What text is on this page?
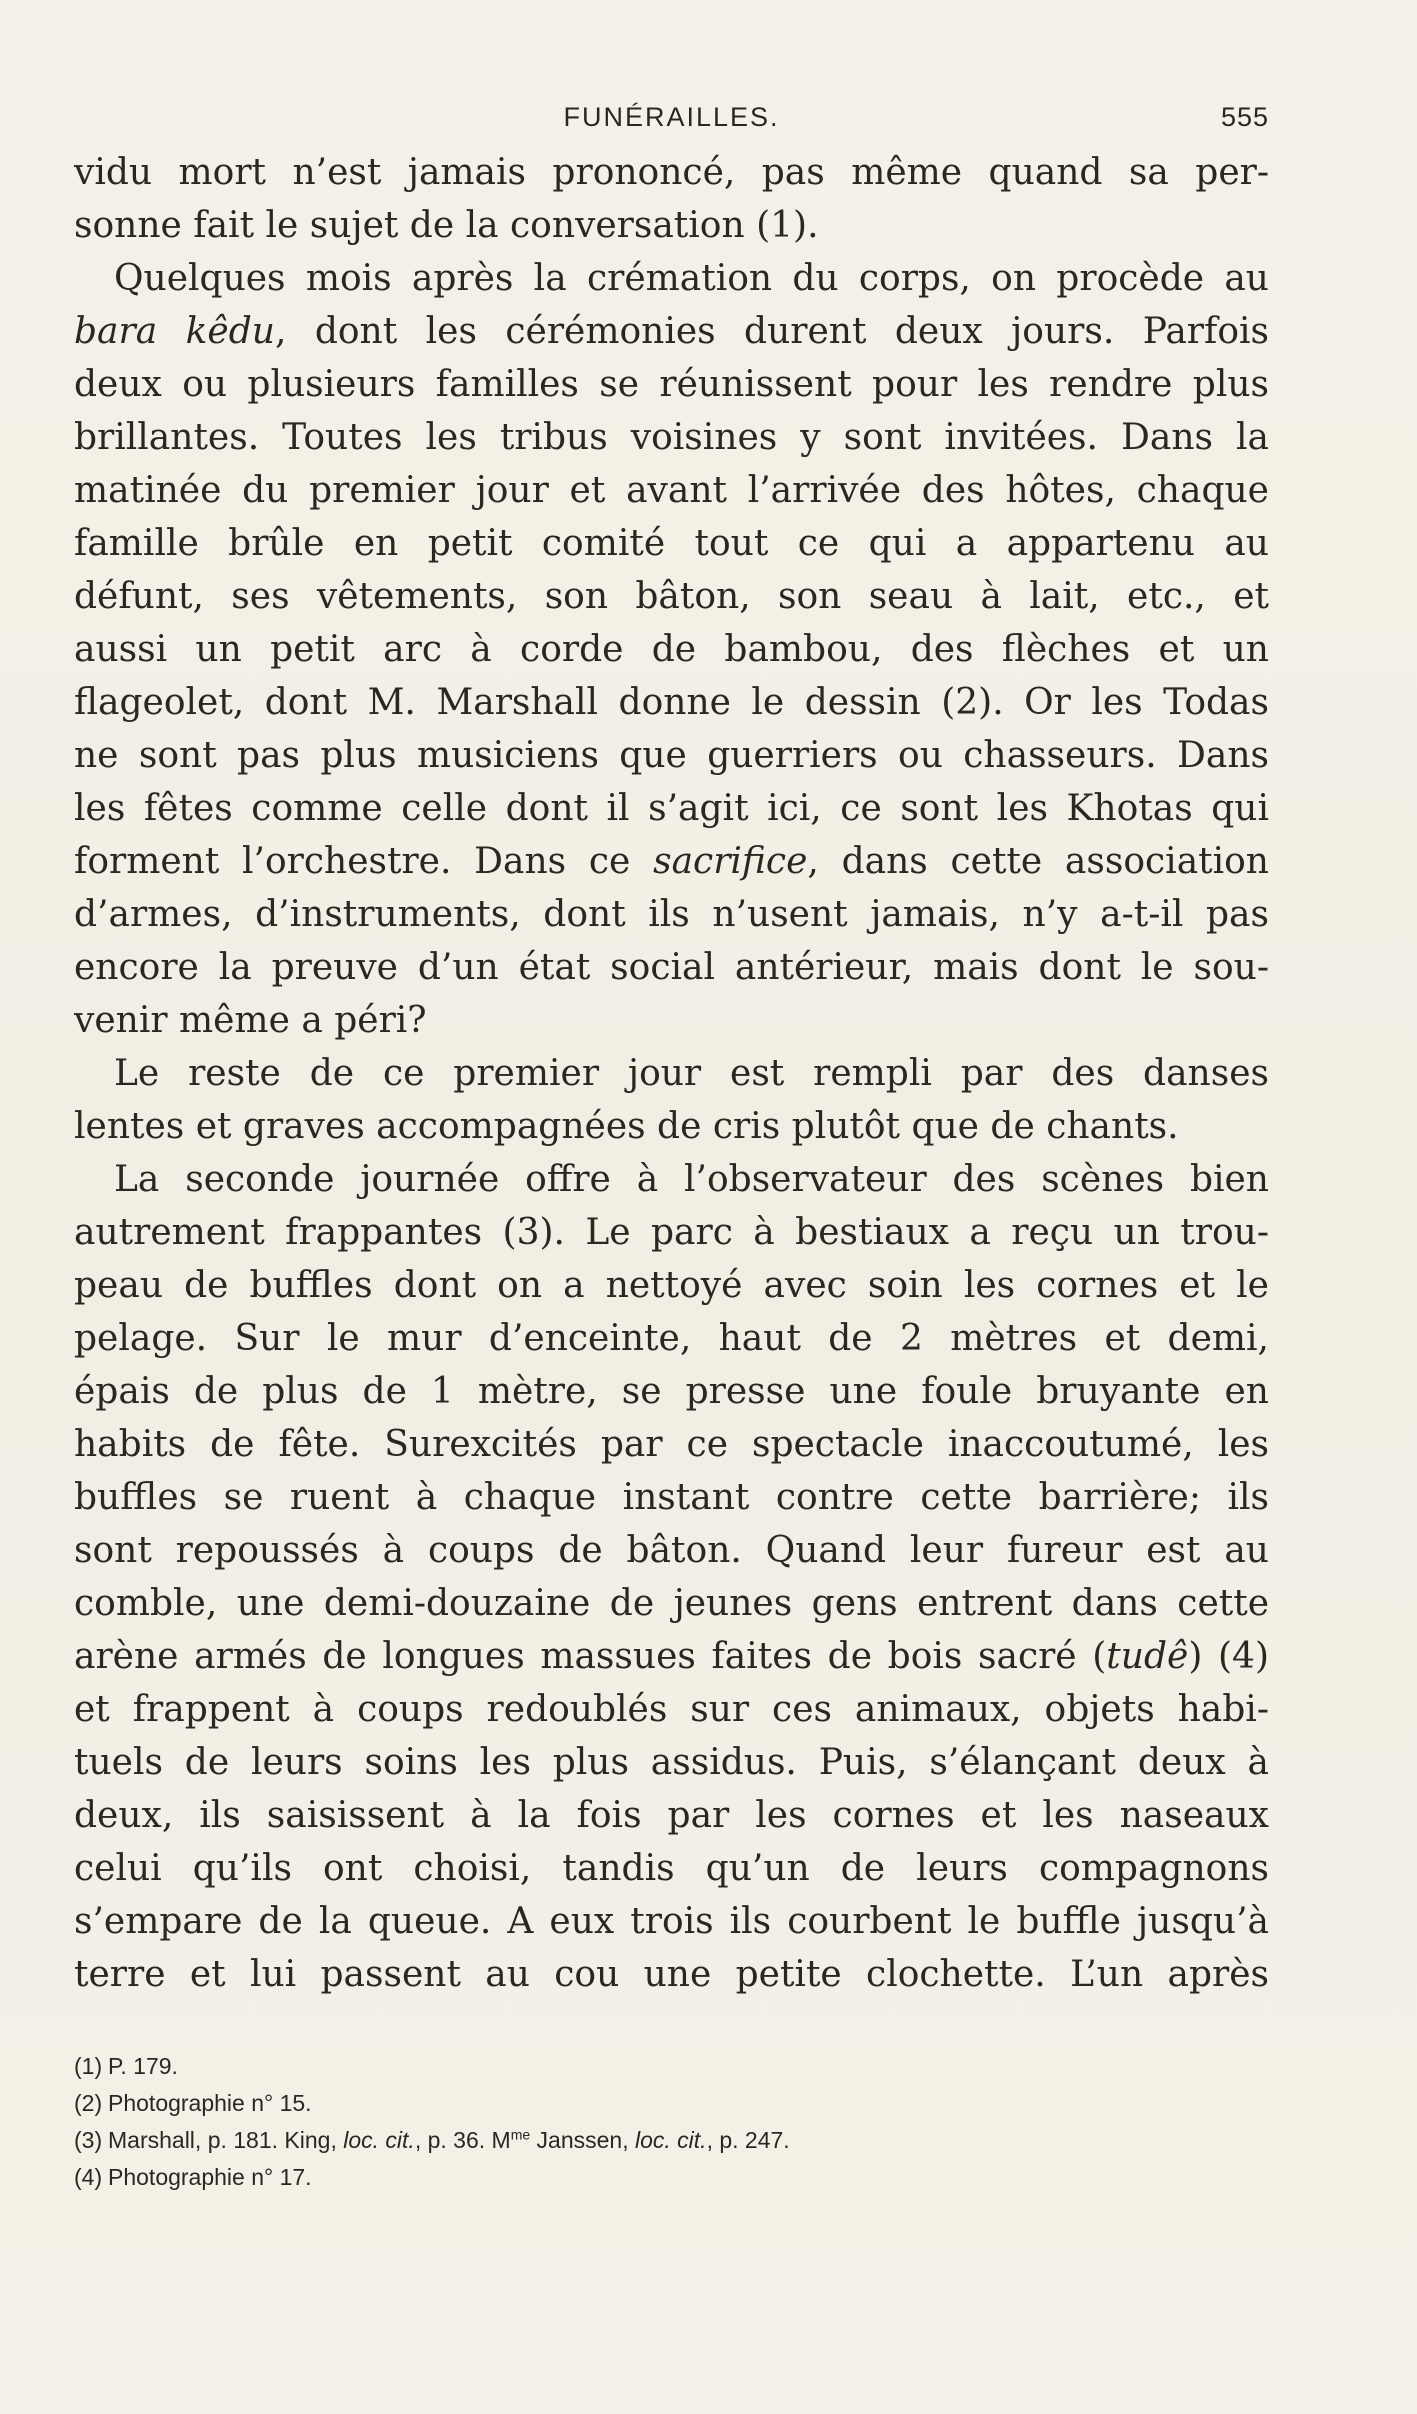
FUNÉRAILLES.	555
vidu mort n’est jamais prononcé, pas même quand sa per-
sonne fait le sujet de la conversation (1).
Quelques mois après la crémation du corps, on procède au
bara kêdu, dont les cérémonies durent deux jours. Parfois
deux ou plusieurs familles se réunissent pour les rendre plus
brillantes. Toutes les tribus voisines y sont invitées. Dans la
matinée du premier jour et avant l’arrivée des hôtes, chaque
famille brûle en petit comité tout ce qui a appartenu au
défunt, ses vêtements, son bâton, son seau à lait, etc., et
aussi un petit arc à corde de bambou, des flèches et un
flageolet, dont M. Marshall donne le dessin (2). Or les Todas
ne sont pas plus musiciens que guerriers ou chasseurs. Dans
les fêtes comme celle dont il s’agit ici, ce sont les Khotas qui
forment l’orchestre. Dans ce sacrifice, dans cette association
d’armes, d’instruments, dont ils n’usent jamais, n’y a-t-il pas
encore la preuve d’un état social antérieur, mais dont le sou-
venir même a péri?
Le reste de ce premier jour est rempli par des danses
lentes et graves accompagnées de cris plutôt que de chants.
La seconde journée offre à l’observateur des scènes bien
autrement frappantes (3). Le parc à bestiaux a reçu un trou-
peau de buffles dont on a nettoyé avec soin les cornes et le
pelage. Sur le mur d’enceinte, haut de 2 mètres et demi,
épais de plus de 1 mètre, se presse une foule bruyante en
habits de fête. Surexcités par ce spectacle inaccoutumé, les
buffles se ruent à chaque instant contre cette barrière; ils
sont repoussés à coups de bâton. Quand leur fureur est au
comble, une demi-douzaine de jeunes gens entrent dans cette
arène armés de longues massues faites de bois sacré (tudê) (4)
et frappent à coups redoublés sur ces animaux, objets habi-
tuels de leurs soins les plus assidus. Puis, s’élançant deux à
deux, ils saisissent à la fois par les cornes et les naseaux
celui qu’ils ont choisi, tandis qu’un de leurs compagnons
s’empare de la queue. A eux trois ils courbent le buffle jusqu’à
terre et lui passent au cou une petite clochette. L’un après
(1) P. 179.
(2) Photographie n° 15.
(3) Marshall, p. 181. King, loc. cit., p. 36. $M^{me}$ Janssen, loc. cit., p. 247.
(4) Photographie n° 17.
